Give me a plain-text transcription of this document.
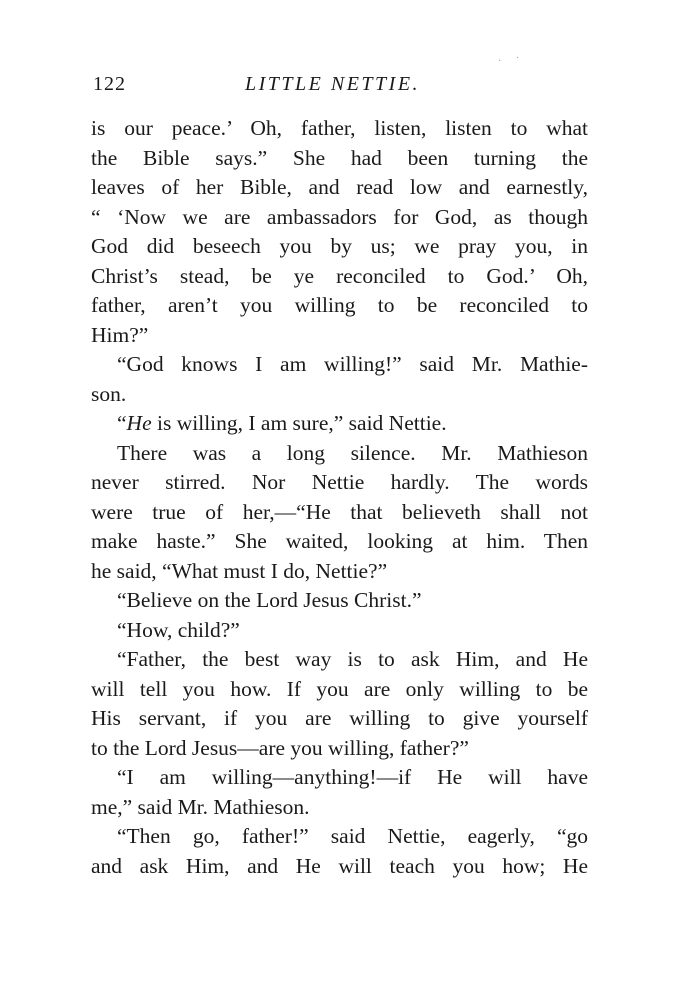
122	LITTLE NETTIE.
· ˙
is our peace.’ Oh, father, listen, listen to what
the Bible says.” She had been turning the
leaves of her Bible, and read low and earnestly,
“ ‘Now we are ambassadors for God, as though
God did beseech you by us; we pray you, in
Christ’s stead, be ye reconciled to God.’ Oh,
father, aren’t you willing to be reconciled to
Him?”
“God knows I am willing!” said Mr. Mathie-
son.
“He is willing, I am sure,” said Nettie.
There was a long silence. Mr. Mathieson
never stirred. Nor Nettie hardly. The words
were true of her,—“He that believeth shall not
make haste.” She waited, looking at him. Then
he said, “What must I do, Nettie?”
“Believe on the Lord Jesus Christ.”
“How, child?”
“Father, the best way is to ask Him, and He
will tell you how. If you are only willing to be
His servant, if you are willing to give yourself
to the Lord Jesus—are you willing, father?”
“I am willing—anything!—if He will have
me,” said Mr. Mathieson.
“Then go, father!” said Nettie, eagerly, “go
and ask Him, and He will teach you how; He
